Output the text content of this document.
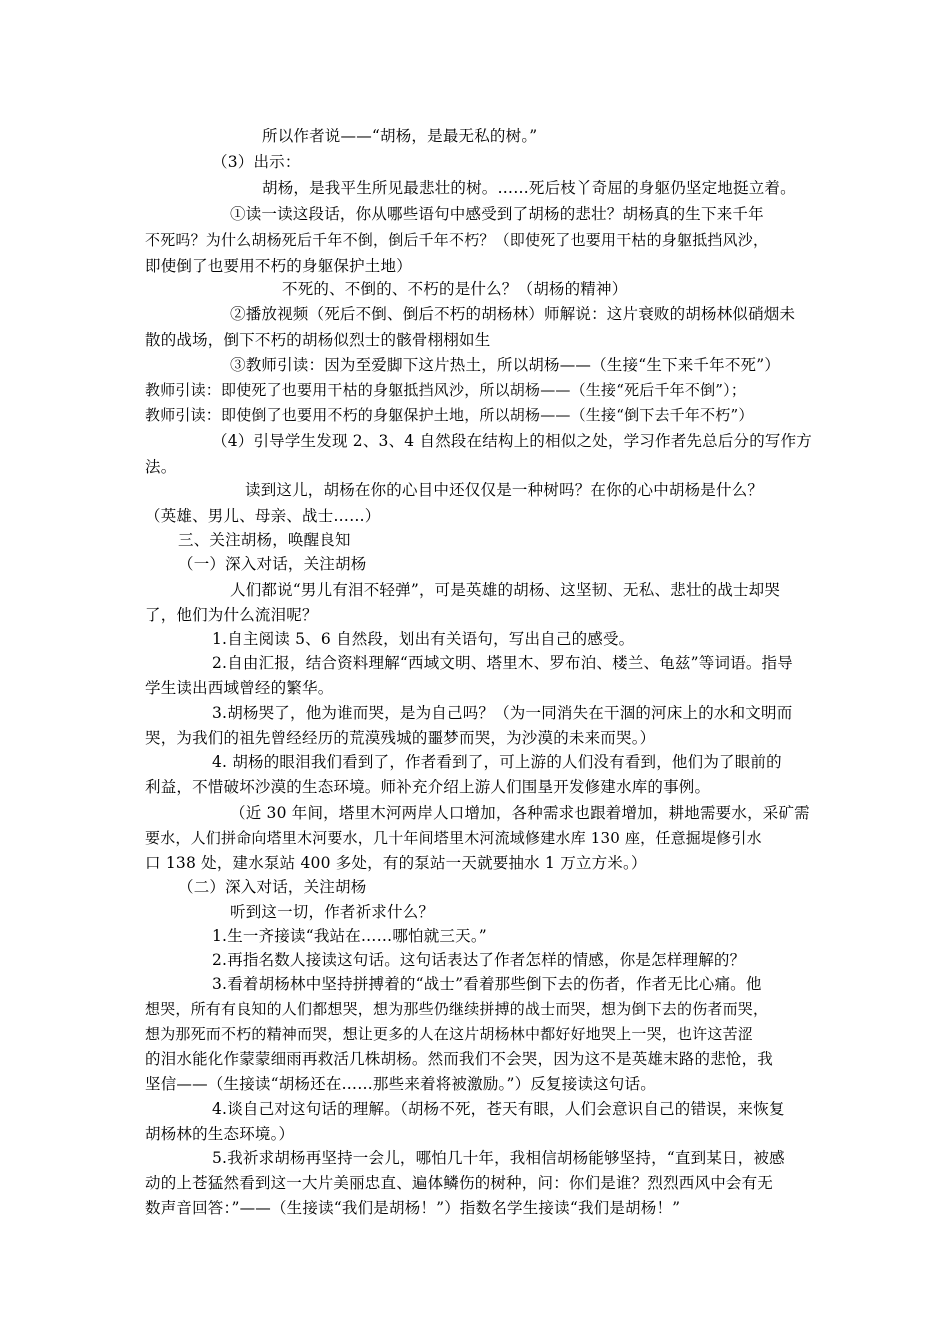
所以作者说——“胡杨，是最无私的树。”
（3）出示：
胡杨，是我平生所见最悲壮的树。……死后枝丫奇屈的身躯仍坚定地挺立着。
①读一读这段话，你从哪些语句中感受到了胡杨的悲壮？胡杨真的生下来千年
不死吗？为什么胡杨死后千年不倒，倒后千年不朽？（即使死了也要用干枯的身躯抵挡风沙，
即使倒了也要用不朽的身躯保护土地）
不死的、不倒的、不朽的是什么？（胡杨的精神）
②播放视频（死后不倒、倒后不朽的胡杨林）师解说：这片衰败的胡杨林似硝烟未
散的战场，倒下不朽的胡杨似烈士的骸骨栩栩如生
③教师引读：因为至爱脚下这片热土，所以胡杨——（生接“生下来千年不死”）
教师引读：即使死了也要用干枯的身躯抵挡风沙，所以胡杨——（生接“死后千年不倒”）；
教师引读：即使倒了也要用不朽的身躯保护土地，所以胡杨——（生接“倒下去千年不朽”）
（4）引导学生发现 2、3、4 自然段在结构上的相似之处，学习作者先总后分的写作方
法。
读到这儿，胡杨在你的心目中还仅仅是一种树吗？在你的心中胡杨是什么？
（英雄、男儿、母亲、战士……）
三、关注胡杨，唤醒良知
（一）深入对话，关注胡杨
人们都说“男儿有泪不轻弹”，可是英雄的胡杨、这坚韧、无私、悲壮的战士却哭
了，他们为什么流泪呢？
1.自主阅读 5、6 自然段，划出有关语句，写出自己的感受。
2.自由汇报，结合资料理解“西域文明、塔里木、罗布泊、楼兰、龟兹”等词语。指导
学生读出西域曾经的繁华。
3.胡杨哭了，他为谁而哭，是为自己吗？（为一同消失在干涸的河床上的水和文明而
哭，为我们的祖先曾经经历的荒漠残城的噩梦而哭，为沙漠的未来而哭。）
4. 胡杨的眼泪我们看到了，作者看到了，可上游的人们没有看到，他们为了眼前的
利益，不惜破坏沙漠的生态环境。师补充介绍上游人们围垦开发修建水库的事例。
（近 30 年间，塔里木河两岸人口增加，各种需求也跟着增加，耕地需要水，采矿需
要水，人们拼命向塔里木河要水，几十年间塔里木河流域修建水库 130 座，任意掘堤修引水
口 138 处，建水泵站 400 多处，有的泵站一天就要抽水 1 万立方米。）
（二）深入对话，关注胡杨
听到这一切，作者祈求什么？
1.生一齐接读“我站在……哪怕就三天。”
2.再指名数人接读这句话。这句话表达了作者怎样的情感，你是怎样理解的？
3.看着胡杨林中坚持拼搏着的“战士”看着那些倒下去的伤者，作者无比心痛。他
想哭，所有有良知的人们都想哭，想为那些仍继续拼搏的战士而哭，想为倒下去的伤者而哭，
想为那死而不朽的精神而哭，想让更多的人在这片胡杨林中都好好地哭上一哭，也许这苦涩
的泪水能化作蒙蒙细雨再救活几株胡杨。然而我们不会哭，因为这不是英雄末路的悲怆，我
坚信——（生接读“胡杨还在……那些来着将被激励。”）反复接读这句话。
4.谈自己对这句话的理解。（胡杨不死，苍天有眼，人们会意识自己的错误，来恢复
胡杨林的生态环境。）
5.我祈求胡杨再坚持一会儿，哪怕几十年，我相信胡杨能够坚持，“直到某日，被感
动的上苍猛然看到这一大片美丽忠直、遍体鳞伤的树种，问：你们是谁？烈烈西风中会有无
数声音回答：”——（生接读“我们是胡杨！”）指数名学生接读“我们是胡杨！”
